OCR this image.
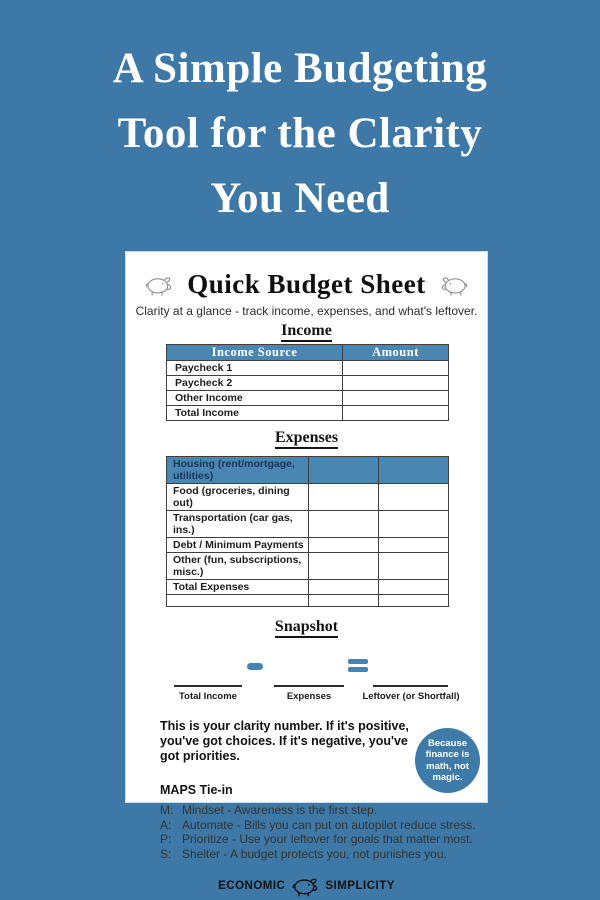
A Simple Budgeting
Tool for the Clarity
You Need
Quick Budget Sheet
Clarity at a glance - track income, expenses, and what's leftover.
Income
Income Source	Amount
Paycheck 1	
Paycheck 2	
Other Income	
Total Income	
Expenses
Housing (rent/mortgage, utilities)		
Food (groceries, dining out)		
Transportation (car gas, ins.)		
Debt / Minimum Payments		
Other (fun, subscriptions, misc.)		
Total Expenses		

Snapshot
Total Income	Expenses	Leftover (or Shortfall)
This is your clarity number. If it's positive, you've got choices. If it's negative, you've got priorities.
Because
finance is
math, not
magic.
MAPS Tie-in
M: Mindset - Awareness is the first step.
A: Automate - Bills you can put on autopilot reduce stress.
P: Prioritize - Use your leftover for goals that matter most.
S: Shelter - A budget protects you, not punishes you.
ECONOMIC	SIMPLICITY
